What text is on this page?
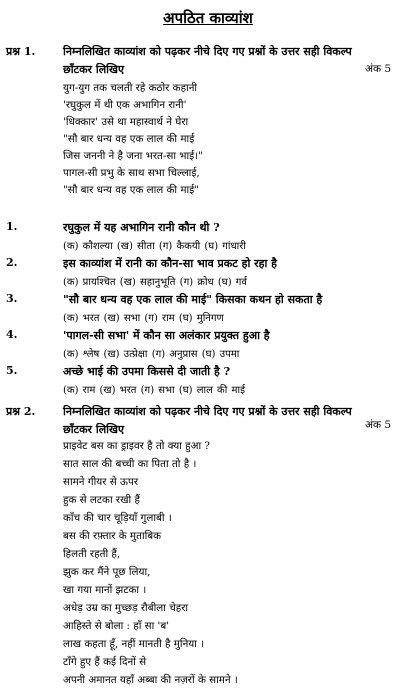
अपठित काव्यांश
प्रश्न 1.	निम्नलिखित काव्यांश को पढ़कर नीचे दिए गए प्रश्नों के उत्तर सही विकल्प
छाँटकर लिखिए	अंक 5
युग-युग तक चलती रहे कठोर कहानी
'रघुकुल में थी एक अभागिन रानी'
'धिक्कार' उसे था महास्वार्थ ने घेरा
"सौ बार धन्य वह एक लाल की माई
जिस जननी ने है जना भरत-सा भाई।"
पागल-सी प्रभु के साथ सभा चिल्लाई,
"सौ बार धन्य वह एक लाल की माई"
1.	रघुकुल में यह अभागिन रानी कौन थी ?
(क) कौशल्या (ख) सीता (ग) कैकयी (घ) गांधारी
2.	इस काव्यांश में रानी का कौन-सा भाव प्रकट हो रहा है
(क) प्रायश्चित (ख) सहानुभूति (ग) क्रोध (घ) गर्व
3.	"सौ बार धन्य वह एक लाल की माई" किसका कथन हो सकता है
(क) भरत (ख) सभा (ग) राम (घ) मुनिगण
4.	'पागल-सी सभा' में कौन सा अलंकार प्रयुक्त हुआ है
(क) श्लेष (ख) उत्प्रेक्षा (ग) अनुप्रास (घ) उपमा
5.	अच्छे भाई की उपमा किससे दी जाती है ?
(क) राम (ख) भरत (ग) सभा (घ) लाल की माई
प्रश्न 2.	निम्नलिखित काव्यांश को पढ़कर नीचे दिए गए प्रश्नों के उत्तर सही विकल्प
छाँटकर लिखिए	अंक 5
प्राइवेट बस का ड्राइवर है तो क्या हुआ ?
सात साल की बच्ची का पिता तो है ।
सामने गीयर से ऊपर
हुक से लटका रखी हैं
काँच की चार चूड़ियाँ गुलाबी ।
बस की रफ़्तार के मुताबिक
हिलती रहती हैं,
झुक कर मैंने पूछ लिया,
खा गया मानों झटका ।
अधेड़ उम्र का मुच्छड़ रौबीला चेहरा
आहिस्ते से बोला : हाँ सा 'ब'
लाख कहता हूँ, नहीं मानती है मुनिया ।
टाँगे हुए हैं कई दिनों से
अपनी अमानत यहाँ अब्बा की नज़रों के सामने ।
